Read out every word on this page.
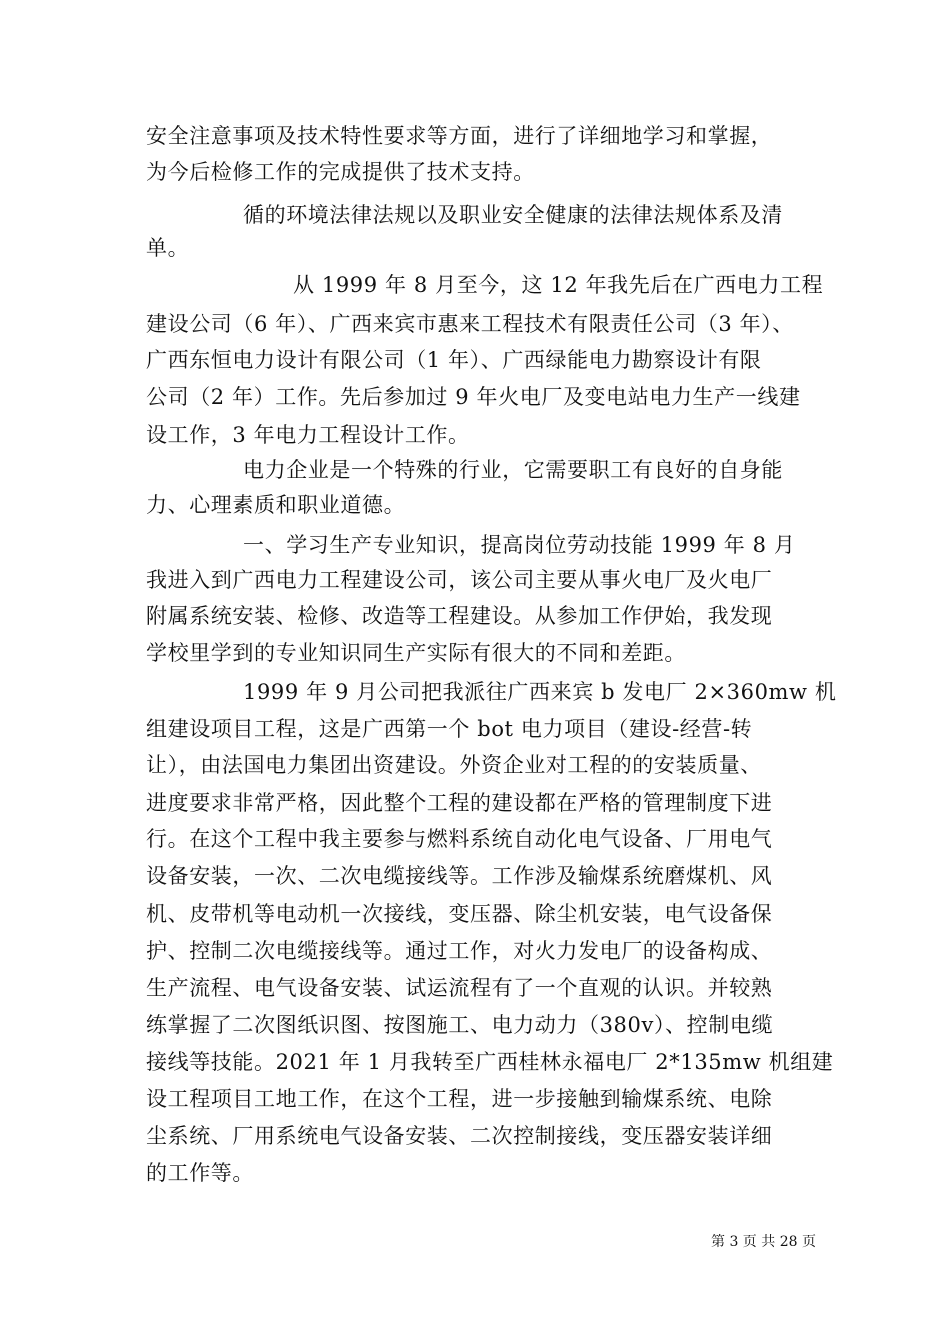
安全注意事项及技术特性要求等方面，进行了详细地学习和掌握，
为今后检修工作的完成提供了技术支持。
循的环境法律法规以及职业安全健康的法律法规体系及清
单。
从 1999 年 8 月至今，这 12 年我先后在广西电力工程
建设公司（6 年）、广西来宾市惠来工程技术有限责任公司（3 年）、
广西东恒电力设计有限公司（1 年）、广西绿能电力勘察设计有限
公司（2 年）工作。先后参加过 9 年火电厂及变电站电力生产一线建
设工作，3 年电力工程设计工作。
电力企业是一个特殊的行业，它需要职工有良好的自身能
力、心理素质和职业道德。
一、学习生产专业知识，提高岗位劳动技能 1999 年 8 月
我进入到广西电力工程建设公司，该公司主要从事火电厂及火电厂
附属系统安装、检修、改造等工程建设。从参加工作伊始，我发现
学校里学到的专业知识同生产实际有很大的不同和差距。
1999 年 9 月公司把我派往广西来宾 b 发电厂 2×360mw 机
组建设项目工程，这是广西第一个 bot 电力项目（建设-经营-转
让），由法国电力集团出资建设。外资企业对工程的的安装质量、
进度要求非常严格，因此整个工程的建设都在严格的管理制度下进
行。在这个工程中我主要参与燃料系统自动化电气设备、厂用电气
设备安装，一次、二次电缆接线等。工作涉及输煤系统磨煤机、风
机、皮带机等电动机一次接线，变压器、除尘机安装，电气设备保
护、控制二次电缆接线等。通过工作，对火力发电厂的设备构成、
生产流程、电气设备安装、试运流程有了一个直观的认识。并较熟
练掌握了二次图纸识图、按图施工、电力动力（380v）、控制电缆
接线等技能。2021 年 1 月我转至广西桂林永福电厂 2*135mw 机组建
设工程项目工地工作，在这个工程，进一步接触到输煤系统、电除
尘系统、厂用系统电气设备安装、二次控制接线，变压器安装详细
的工作等。
第 3 页 共 28 页
